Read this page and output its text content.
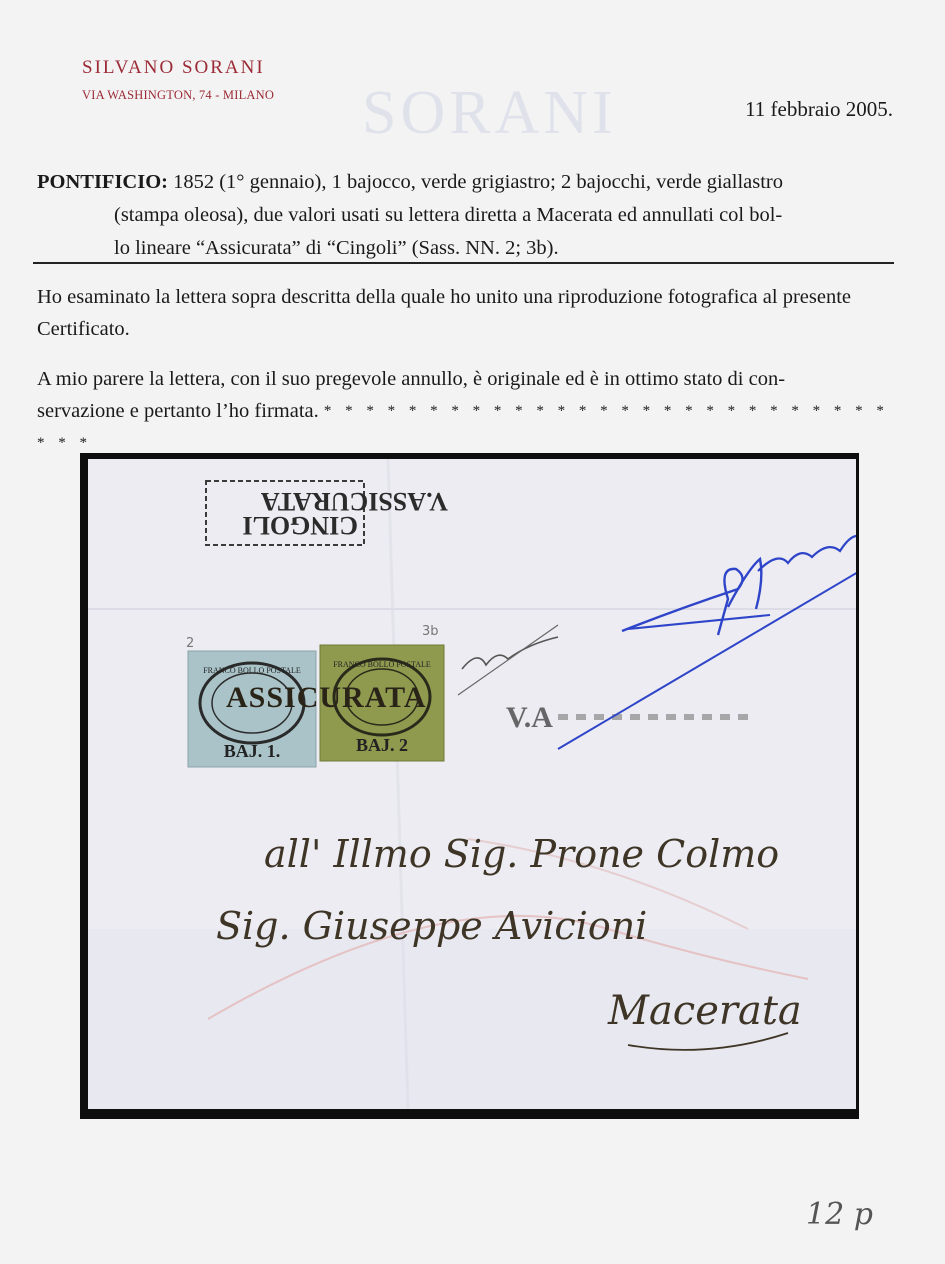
SILVANO SORANI
VIA WASHINGTON, 74 - MILANO SORANI	11 febbraio 2005.
PONTIFICIO: 1852 (1° gennaio), 1 bajocco, verde grigiastro; 2 bajocchi, verde giallastro
(stampa oleosa), due valori usati su lettera diretta a Macerata ed annullati col bol-
lo lineare “Assicurata” di “Cingoli” (Sass. NN. 2; 3b).
Ho esaminato la lettera sopra descritta della quale ho unito una riproduzione fotografica al presente Certificato.
A mio parere la lettera, con il suo pregevole annullo, è originale ed è in ottimo stato di con-
servazione e pertanto l’ho firmata. * * * * * * * * * * * * * * * * * * * * * * * * * * * * * *
V.ASSICURATA
CINGOLI
2
3b
FRANCO BOLLO POSTALE
BAJ. 1.
FRANCO BOLLO POSTALE
BAJ. 2
ASSICURATA
V.A
all' Illmo Sig. Prone Colmo
Sig. Giuseppe Avicioni
Macerata
12 p
